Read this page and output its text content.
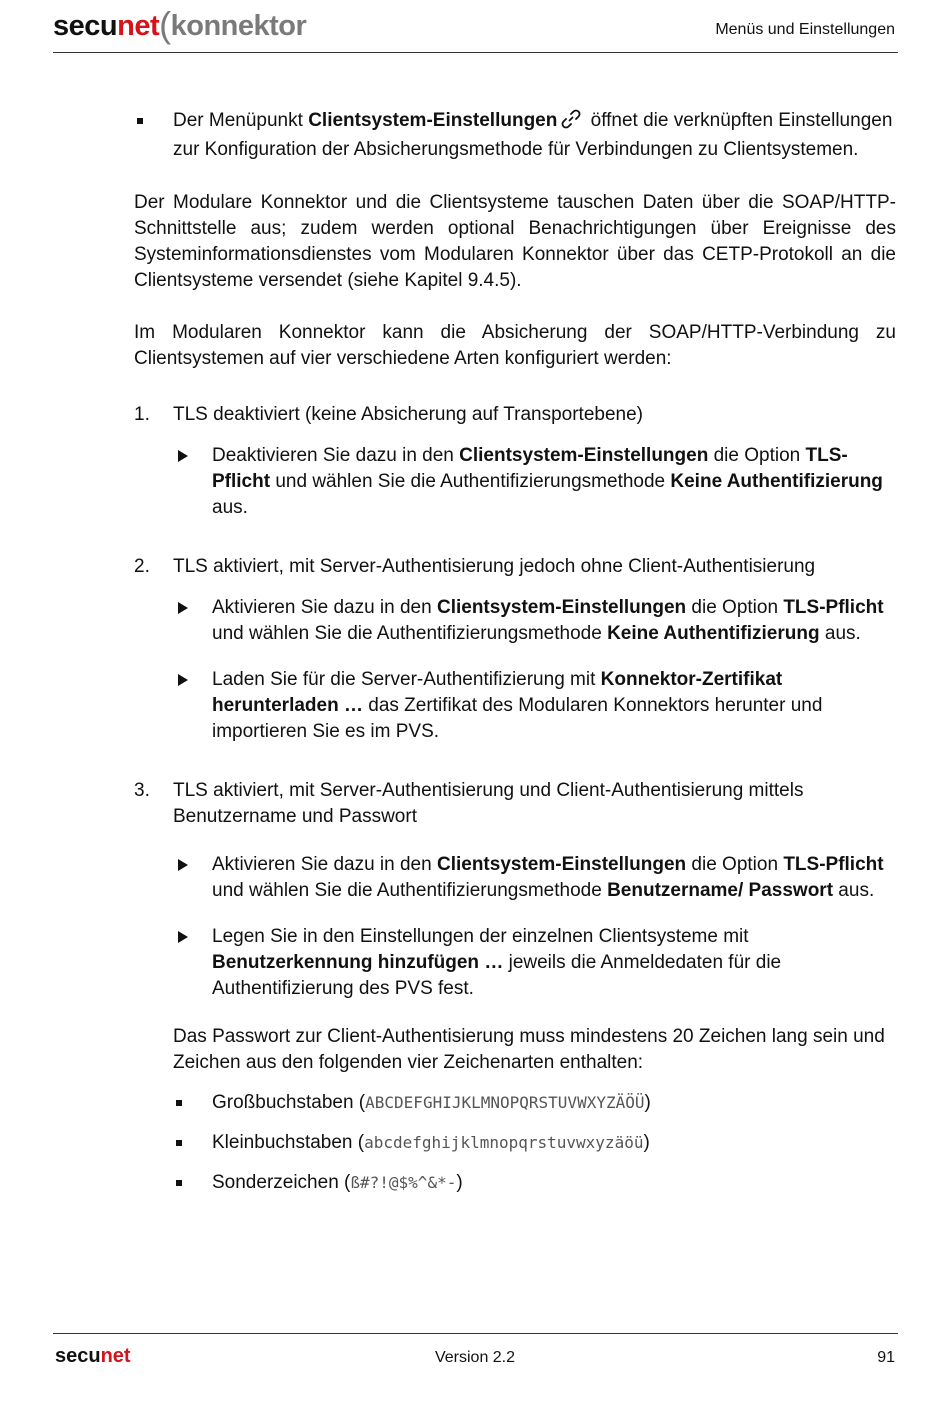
secunet(konnektor	Menüs und Einstellungen
Der Menüpunkt Clientsystem-Einstellungen öffnet die verknüpften Einstellungen zur Konfiguration der Absicherungsmethode für Verbindungen zu Clientsystemen.

Der Modulare Konnektor und die Clientsysteme tauschen Daten über die SOAP/HTTP-Schnittstelle aus; zudem werden optional Benachrichtigungen über Ereignisse des Systeminformationsdienstes vom Modularen Konnektor über das CETP-Protokoll an die Clientsysteme versendet (siehe Kapitel 9.4.5).

Im Modularen Konnektor kann die Absicherung der SOAP/HTTP-Verbindung zu Clientsystemen auf vier verschiedene Arten konfiguriert werden:

1. TLS deaktiviert (keine Absicherung auf Transportebene)
Deaktivieren Sie dazu in den Clientsystem-Einstellungen die Option TLS-Pflicht und wählen Sie die Authentifizierungsmethode Keine Authentifizierung aus.
2. TLS aktiviert, mit Server-Authentisierung jedoch ohne Client-Authentisierung
Aktivieren Sie dazu in den Clientsystem-Einstellungen die Option TLS-Pflicht und wählen Sie die Authentifizierungsmethode Keine Authentifizierung aus.
Laden Sie für die Server-Authentifizierung mit Konnektor-Zertifikat herunterladen … das Zertifikat des Modularen Konnektors herunter und importieren Sie es im PVS.
3. TLS aktiviert, mit Server-Authentisierung und Client-Authentisierung mittels Benutzername und Passwort
Aktivieren Sie dazu in den Clientsystem-Einstellungen die Option TLS-Pflicht und wählen Sie die Authentifizierungsmethode Benutzername/ Passwort aus.
Legen Sie in den Einstellungen der einzelnen Clientsysteme mit Benutzerkennung hinzufügen … jeweils die Anmeldedaten für die Authentifizierung des PVS fest.

Das Passwort zur Client-Authentisierung muss mindestens 20 Zeichen lang sein und Zeichen aus den folgenden vier Zeichenarten enthalten:

Großbuchstaben (ABCDEFGHIJKLMNOPQRSTUVWXYZÄÖÜ)
Kleinbuchstaben (abcdefghijklmnopqrstuvwxyzäöü)
Sonderzeichen (ß#?!@$%^&*-)
secunet	Version 2.2	91
